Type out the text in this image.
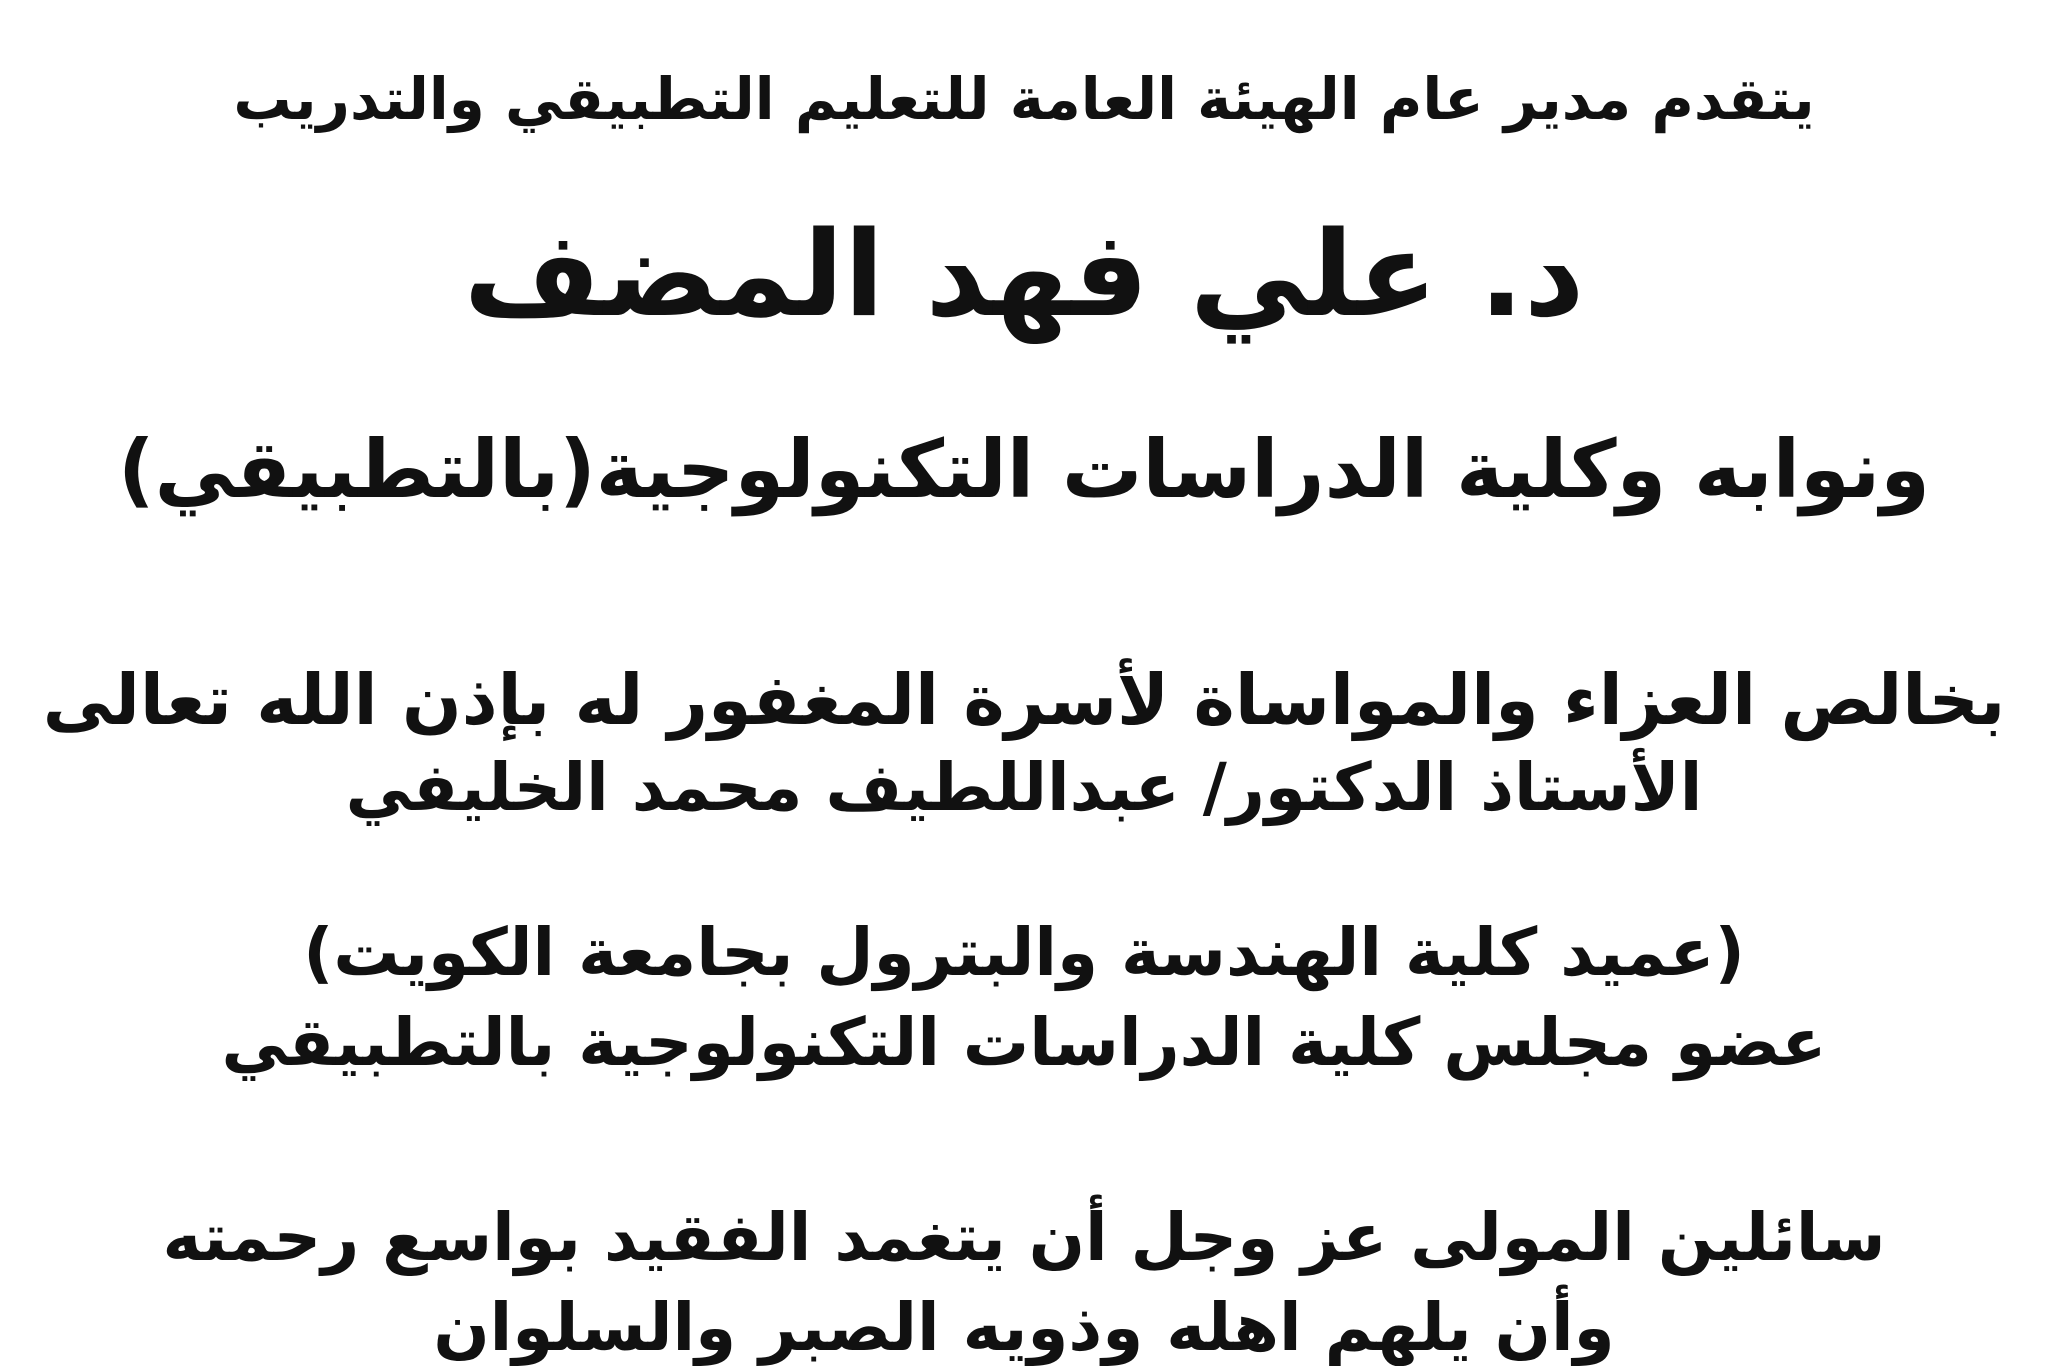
يتقدم مدير عام الهيئة العامة للتعليم التطبيقي والتدريب

د. علي فهد المضف

ونوابه وكلية الدراسات التكنولوجية(بالتطبيقي)

بخالص العزاء والمواساة لأسرة المغفور له بإذن الله تعالى

الأستاذ الدكتور/ عبداللطيف محمد الخليفي

(عميد كلية الهندسة والبترول بجامعة الكويت)

عضو مجلس كلية الدراسات التكنولوجية بالتطبيقي

سائلين المولى عز وجل أن يتغمد الفقيد بواسع رحمته

وأن يلهم اهله وذويه الصبر والسلوان
